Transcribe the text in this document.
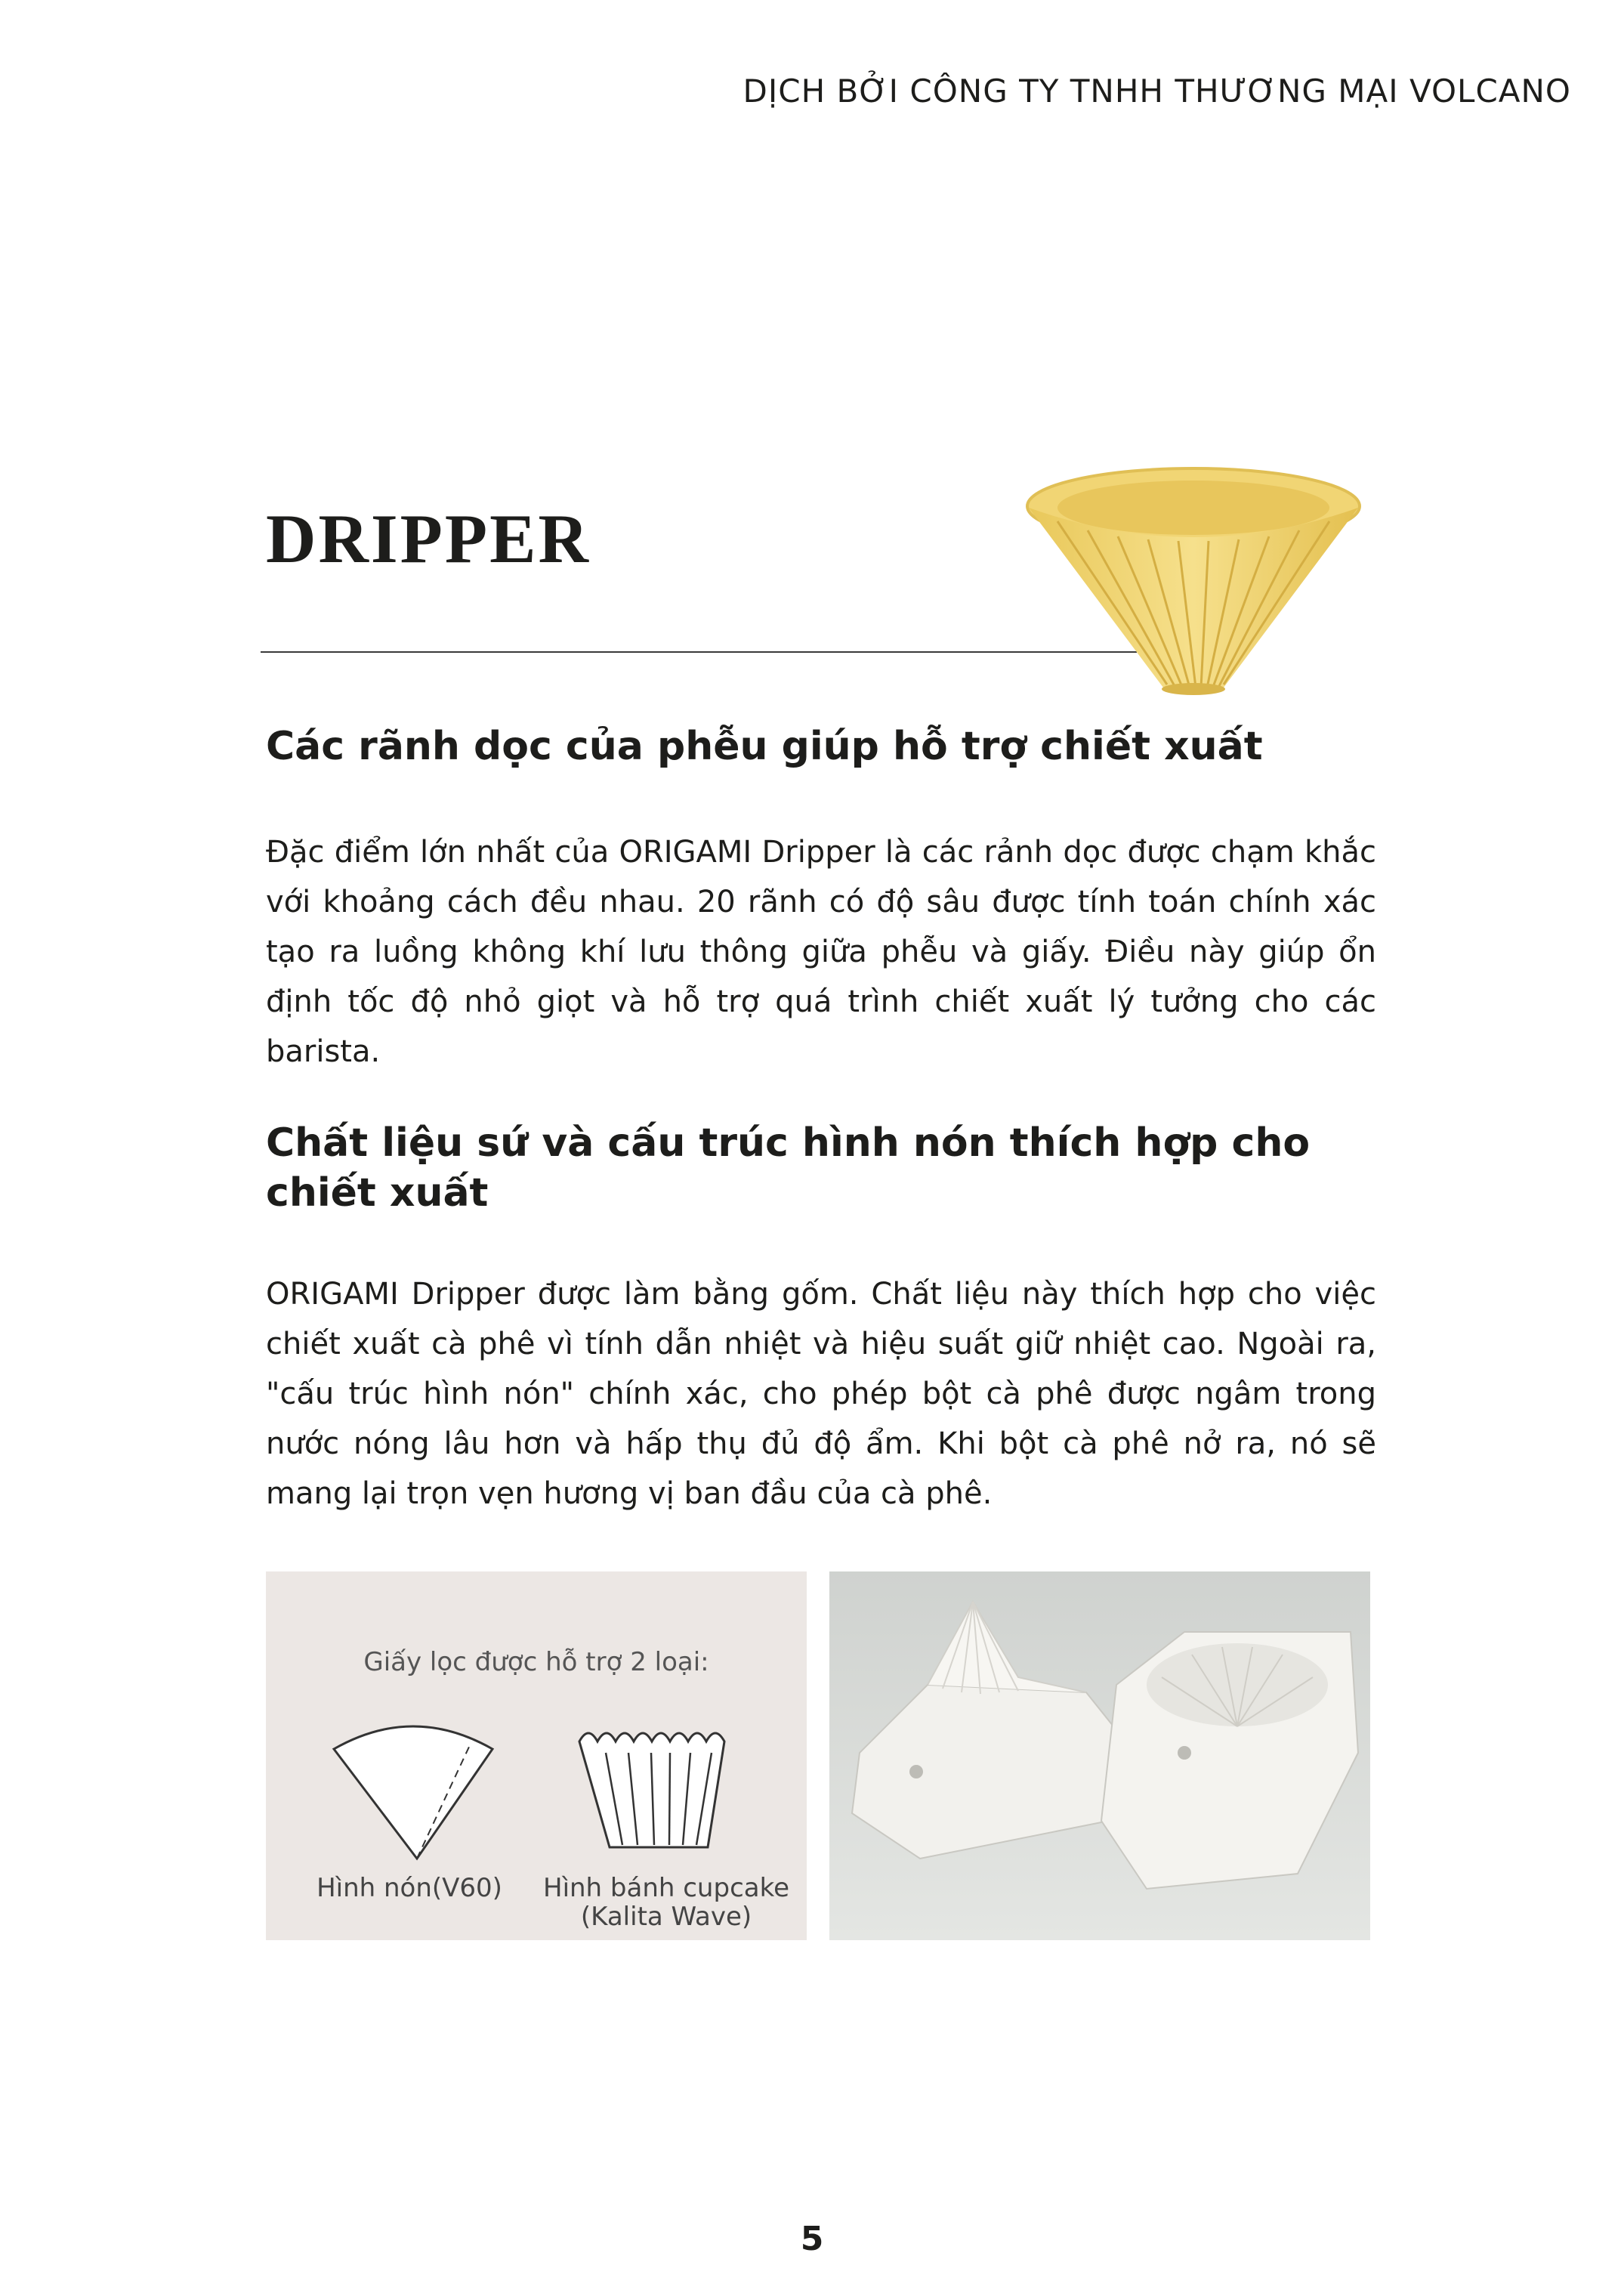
DỊCH BỞI CÔNG TY TNHH THƯƠNG MẠI VOLCANO
DRIPPER
Các rãnh dọc của phễu giúp hỗ trợ chiết xuất
Đặc điểm lớn nhất của ORIGAMI Dripper là các rảnh dọc được chạm khắc với khoảng cách đều nhau. 20 rãnh có độ sâu được tính toán chính xác tạo ra luồng không khí lưu thông giữa phễu và giấy. Điều này giúp ổn định tốc độ nhỏ giọt và hỗ trợ quá trình chiết xuất lý tưởng cho các barista.
Chất liệu sứ và cấu trúc hình nón thích hợp cho chiết xuất
ORIGAMI Dripper được làm bằng gốm. Chất liệu này thích hợp cho việc chiết xuất cà phê vì tính dẫn nhiệt và hiệu suất giữ nhiệt cao. Ngoài ra, "cấu trúc hình nón" chính xác, cho phép bột cà phê được ngâm trong nước nóng lâu hơn và hấp thụ đủ độ ẩm. Khi bột cà phê nở ra, nó sẽ mang lại trọn vẹn hương vị ban đầu của cà phê.
Giấy lọc được hỗ trợ 2 loại:
Hình nón(V60)	Hình bánh cupcake
(Kalita Wave)
5
